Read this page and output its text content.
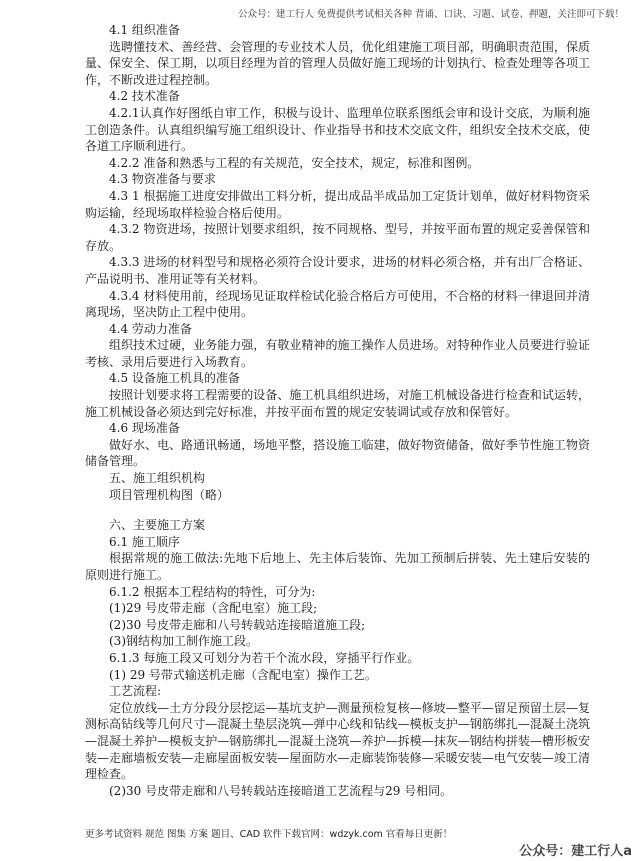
公众号：建工行人 免费提供考试相关各种 背诵、口诀、习题、试卷、押题，关注即可下载！

4.1 组织准备

选聘懂技术、善经营、会管理的专业技术人员，优化组建施工项目部，明确职责范围，保质量、保安全、保工期，以项目经理为首的管理人员做好施工现场的计划执行、检查处理等各项工作，不断改进过程控制。

4.2 技术准备

4.2.1认真作好图纸自审工作，积极与设计、监理单位联系图纸会审和设计交底，为顺利施工创造条件。认真组织编写施工组织设计、作业指导书和技术交底文件，组织安全技术交底，使各道工序顺利进行。

4.2.2 准备和熟悉与工程的有关规范，安全技术，规定，标准和图例。

4.3 物资准备与要求

4.3 1 根据施工进度安排做出工料分析，提出成品半成品加工定货计划单，做好材料物资采购运输，经现场取样检验合格后使用。

4.3.2 物资进场，按照计划要求组织，按不同规格、型号，并按平面布置的规定妥善保管和存放。

4.3.3 进场的材料型号和规格必须符合设计要求，进场的材料必须合格，并有出厂合格证、产品说明书、准用证等有关材料。

4.3.4 材料使用前，经现场见证取样检试化验合格后方可使用，不合格的材料一律退回并清离现场，坚决防止工程中使用。

4.4 劳动力准备

组织技术过硬，业务能力强，有敬业精神的施工操作人员进场。对特种作业人员要进行验证考核、录用后要进行入场教育。

4.5 设备施工机具的准备

按照计划要求将工程需要的设备、施工机具组织进场，对施工机械设备进行检查和试运转，施工机械设备必须达到完好标准，并按平面布置的规定安装调试或存放和保管好。

4.6 现场准备

做好水、电、路通讯畅通，场地平整，搭设施工临建，做好物资储备，做好季节性施工物资储备管理。

五、施工组织机构

项目管理机构图（略）

六、主要施工方案

6.1 施工顺序

根据常规的施工做法:先地下后地上、先主体后装饰、先加工预制后拼装、先土建后安装的原则进行施工。

6.1.2 根据本工程结构的特性，可分为:

(1)29 号皮带走廊（含配电室）施工段;

(2)30 号皮带走廊和八号转载站连接暗道施工段;

(3)钢结构加工制作施工段。

6.1.3 每施工段又可划分为若干个流水段，穿插平行作业。

(1) 29 号带式输送机走廊（含配电室）操作工艺。

工艺流程:

定位放线—土方分段分层挖运—基坑支护—测量预检复核—修坡—整平—留足预留土层—复测标高钻线等几何尺寸—混凝土垫层浇筑—弹中心线和钻线—模板支护—钢筋绑扎—混凝土浇筑—混凝土养护—模板支护—钢筋绑扎—混凝土浇筑—养护—拆模—抹灰—钢结构拼装—槽形板安装—走廊墙板安装—走廊屋面板安装—屋面防水—走廊装饰装修—采暖安装—电气安装—竣工清理检查。

(2)30 号皮带走廊和八号转载站连接暗道工艺流程与29 号相同。

更多考试资料 规范 图集 方案 题目、CAD 软件下载官网：wdzyk.com 官看每日更新！
公众号：建工行人a
